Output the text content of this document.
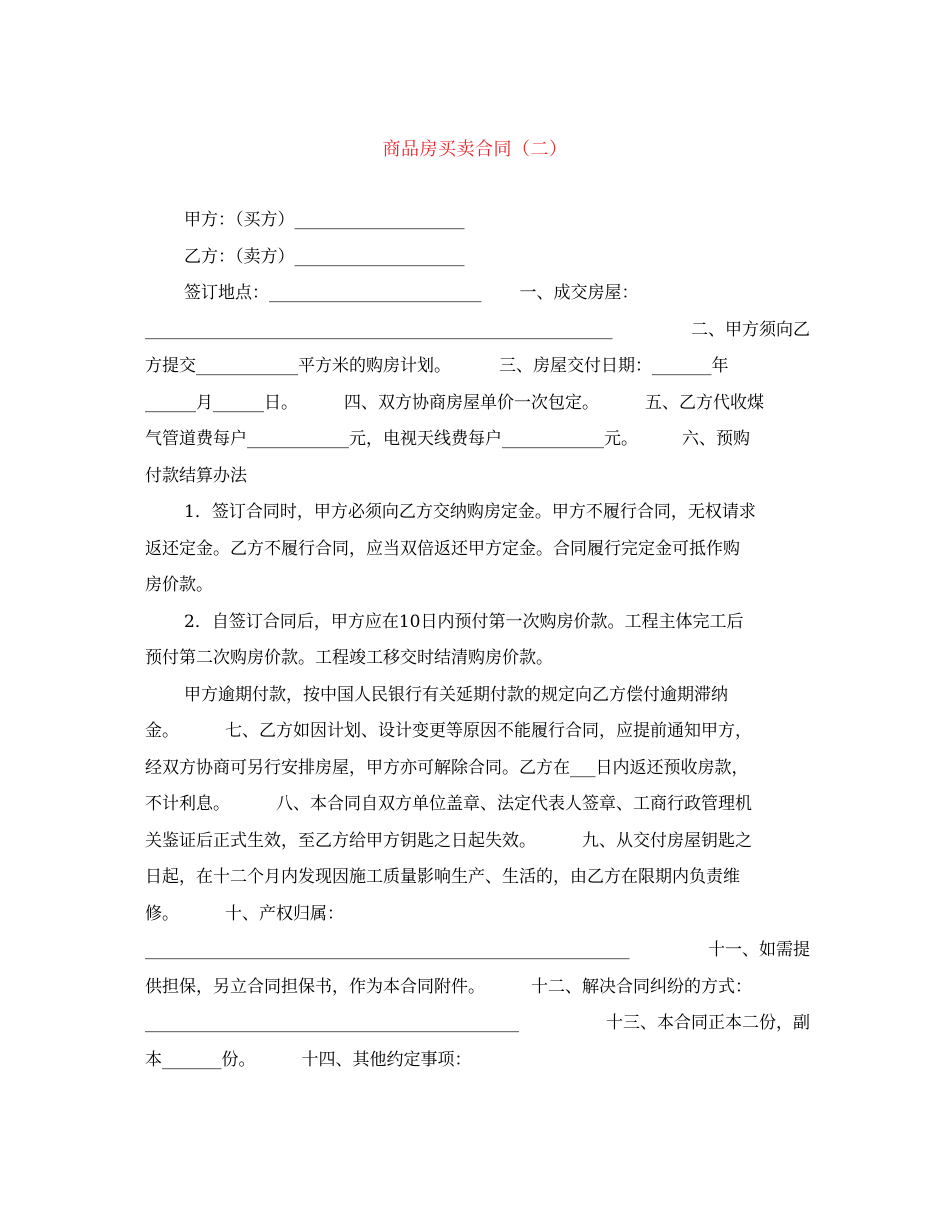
商品房买卖合同（二）
甲方：（买方）____________________
乙方：（卖方）____________________
签订地点：_________________________ 一、成交房屋：
_______________________________________________________	二、甲方须向乙
方提交____________平方米的购房计划。	三、房屋交付日期：_______年
______月______日。	四、双方协商房屋单价一次包定。	五、乙方代收煤
气管道费每户____________元，电视天线费每户____________元。	六、预购
付款结算办法
1．签订合同时，甲方必须向乙方交纳购房定金。甲方不履行合同，无权请求
返还定金。乙方不履行合同，应当双倍返还甲方定金。合同履行完定金可抵作购
房价款。
2．自签订合同后，甲方应在10日内预付第一次购房价款。工程主体完工后
预付第二次购房价款。工程竣工移交时结清购房价款。
甲方逾期付款，按中国人民银行有关延期付款的规定向乙方偿付逾期滞纳
金。	七、乙方如因计划、设计变更等原因不能履行合同，应提前通知甲方，
经双方协商可另行安排房屋，甲方亦可解除合同。乙方在___日内返还预收房款，
不计利息。	八、本合同自双方单位盖章、法定代表人签章、工商行政管理机
关鉴证后正式生效，至乙方给甲方钥匙之日起失效。	九、从交付房屋钥匙之
日起，在十二个月内发现因施工质量影响生产、生活的，由乙方在限期内负责维
修。	十、产权归属：
_________________________________________________________	十一、如需提
供担保，另立合同担保书，作为本合同附件。	十二、解决合同纠纷的方式：
____________________________________________	十三、本合同正本二份，副
本_______份。	十四、其他约定事项：
